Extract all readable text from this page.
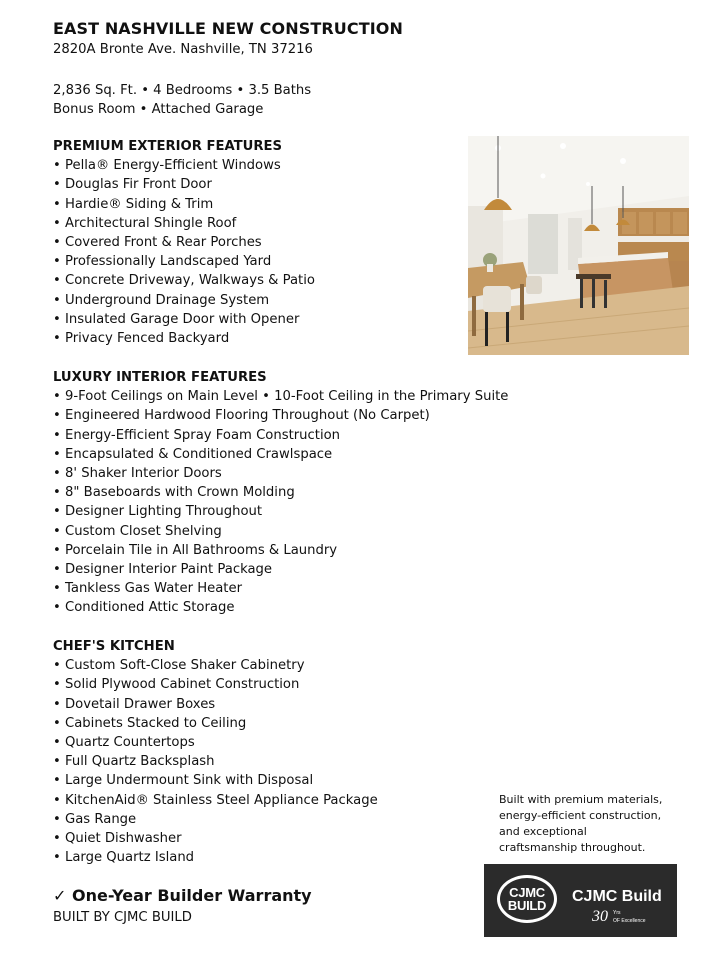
EAST NASHVILLE NEW CONSTRUCTION
2820A Bronte Ave. Nashville, TN 37216
2,836 Sq. Ft. • 4 Bedrooms • 3.5 Baths
Bonus Room • Attached Garage
PREMIUM EXTERIOR FEATURES
• Pella® Energy-Efficient Windows
• Douglas Fir Front Door
• Hardie® Siding & Trim
• Architectural Shingle Roof
• Covered Front & Rear Porches
• Professionally Landscaped Yard
• Concrete Driveway, Walkways & Patio
• Underground Drainage System
• Insulated Garage Door with Opener
• Privacy Fenced Backyard
LUXURY INTERIOR FEATURES
• 9-Foot Ceilings on Main Level • 10-Foot Ceiling in the Primary Suite
• Engineered Hardwood Flooring Throughout (No Carpet)
• Energy-Efficient Spray Foam Construction
• Encapsulated & Conditioned Crawlspace
• 8' Shaker Interior Doors
• 8" Baseboards with Crown Molding
• Designer Lighting Throughout
• Custom Closet Shelving
• Porcelain Tile in All Bathrooms & Laundry
• Designer Interior Paint Package
• Tankless Gas Water Heater
• Conditioned Attic Storage
CHEF'S KITCHEN
• Custom Soft-Close Shaker Cabinetry
• Solid Plywood Cabinet Construction
• Dovetail Drawer Boxes
• Cabinets Stacked to Ceiling
• Quartz Countertops
• Full Quartz Backsplash
• Large Undermount Sink with Disposal
• KitchenAid® Stainless Steel Appliance Package
• Gas Range
• Quiet Dishwasher
• Large Quartz Island
Built with premium materials,
energy-efficient construction,
and exceptional
craftsmanship throughout.
✓ One-Year Builder Warranty
BUILT BY CJMC BUILD
CJMC
BUILD
CJMC Build
30 Yrs
OF Excellence
